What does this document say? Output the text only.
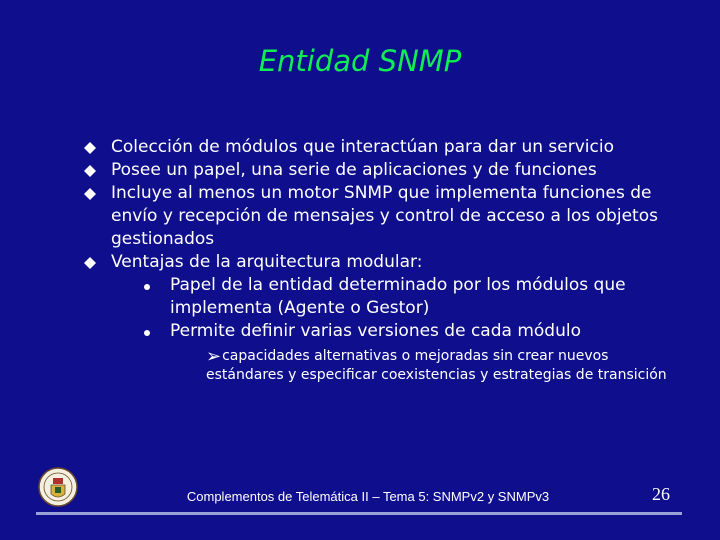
Entidad SNMP
Colección de módulos que interactúan para dar un servicio
Posee un papel, una serie de aplicaciones y de funciones
Incluye al menos un motor SNMP que implementa funciones de envío y recepción de mensajes y control de acceso a los objetos gestionados
Ventajas de la arquitectura modular:
Papel de la entidad determinado por los módulos que implementa (Agente o Gestor)
Permite definir varias versiones de cada módulo
➢capacidades alternativas o mejoradas sin crear nuevos estándares y especificar coexistencias y estrategias de transición
Complementos de Telemática II – Tema 5: SNMPv2 y SNMPv3	26
